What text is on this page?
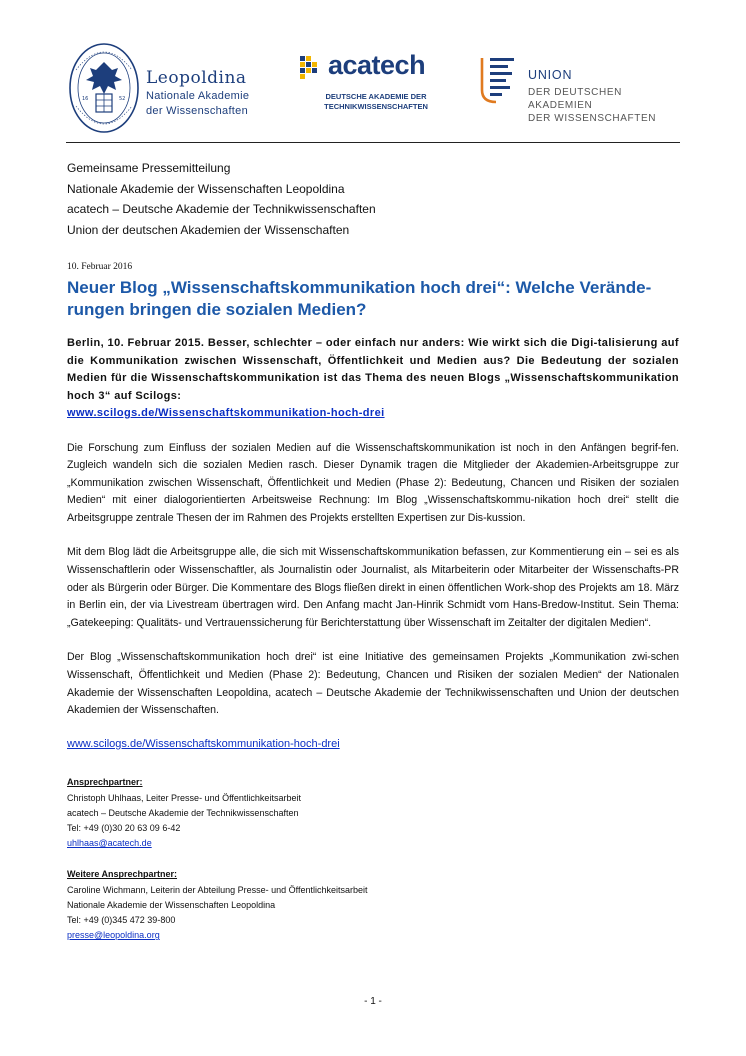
16	52
Leopoldina
Nationale Akademie
der Wissenschaften
acatech
DEUTSCHE AKADEMIE DER
TECHNIKWISSENSCHAFTEN
UNION
DER DEUTSCHEN AKADEMIEN
DER WISSENSCHAFTEN
Gemeinsame Pressemitteilung
Nationale Akademie der Wissenschaften Leopoldina
acatech – Deutsche Akademie der Technikwissenschaften
Union der deutschen Akademien der Wissenschaften
10. Februar 2016
Neuer Blog „Wissenschaftskommunikation hoch drei“: Welche Verände-rungen bringen die sozialen Medien?
Berlin, 10. Februar 2015. Besser, schlechter – oder einfach nur anders: Wie wirkt sich die Digi-talisierung auf die Kommunikation zwischen Wissenschaft, Öffentlichkeit und Medien aus? Die Bedeutung der sozialen Medien für die Wissenschaftskommunikation ist das Thema des neuen Blogs „Wissenschaftskommunikation hoch 3“ auf Scilogs:
www.scilogs.de/Wissenschaftskommunikation-hoch-drei

Die Forschung zum Einfluss der sozialen Medien auf die Wissenschaftskommunikation ist noch in den Anfängen begrif-fen. Zugleich wandeln sich die sozialen Medien rasch. Dieser Dynamik tragen die Mitglieder der Akademien-Arbeitsgruppe zur „Kommunikation zwischen Wissenschaft, Öffentlichkeit und Medien (Phase 2): Bedeutung, Chancen und Risiken der sozialen Medien“ mit einer dialogorientierten Arbeitsweise Rechnung: Im Blog „Wissenschaftskommu-nikation hoch drei“ stellt die Arbeitsgruppe zentrale Thesen der im Rahmen des Projekts erstellten Expertisen zur Dis-kussion.

Mit dem Blog lädt die Arbeitsgruppe alle, die sich mit Wissenschaftskommunikation befassen, zur Kommentierung ein – sei es als Wissenschaftlerin oder Wissenschaftler, als Journalistin oder Journalist, als Mitarbeiterin oder Mitarbeiter der Wissenschafts-PR oder als Bürgerin oder Bürger. Die Kommentare des Blogs fließen direkt in einen öffentlichen Work-shop des Projekts am 18. März in Berlin ein, der via Livestream übertragen wird. Den Anfang macht Jan-Hinrik Schmidt vom Hans-Bredow-Institut. Sein Thema: „Gatekeeping: Qualitäts- und Vertrauenssicherung für Berichterstattung über Wissenschaft im Zeitalter der digitalen Medien“.

Der Blog „Wissenschaftskommunikation hoch drei“ ist eine Initiative des gemeinsamen Projekts „Kommunikation zwi-schen Wissenschaft, Öffentlichkeit und Medien (Phase 2): Bedeutung, Chancen und Risiken der sozialen Medien“ der Nationalen Akademie der Wissenschaften Leopoldina, acatech – Deutsche Akademie der Technikwissenschaften und Union der deutschen Akademien der Wissenschaften.

www.scilogs.de/Wissenschaftskommunikation-hoch-drei

Ansprechpartner:
Christoph Uhlhaas, Leiter Presse- und Öffentlichkeitsarbeit
acatech – Deutsche Akademie der Technikwissenschaften
Tel: +49 (0)30 20 63 09 6-42
uhlhaas@acatech.de
Weitere Ansprechpartner:
Caroline Wichmann, Leiterin der Abteilung Presse- und Öffentlichkeitsarbeit
Nationale Akademie der Wissenschaften Leopoldina
Tel: +49 (0)345 472 39-800
presse@leopoldina.org
- 1 -
